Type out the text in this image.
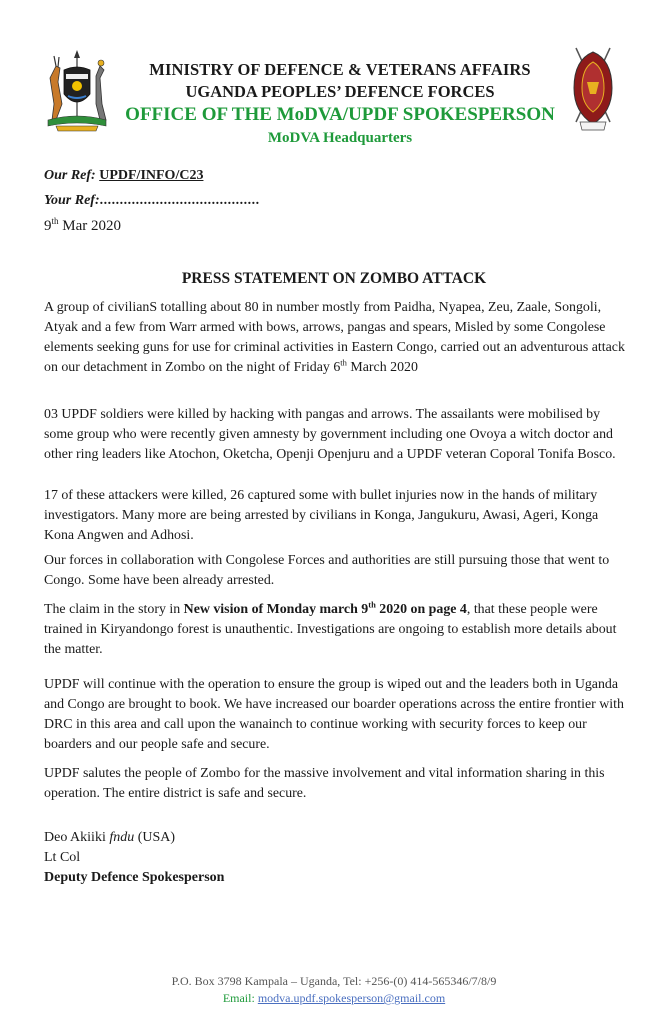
MINISTRY OF DEFENCE & VETERANS AFFAIRS
UGANDA PEOPLES’ DEFENCE FORCES
OFFICE OF THE MoDVA/UPDF SPOKESPERSON
MoDVA Headquarters
Our Ref: UPDF/INFO/C23
Your Ref:........................................
9th Mar 2020
PRESS STATEMENT ON ZOMBO ATTACK

A group of civilianS totalling about 80 in number mostly from Paidha, Nyapea, Zeu, Zaale, Songoli, Atyak and a few from Warr armed with bows, arrows, pangas and spears, Misled by some Congolese elements seeking guns for use for criminal activities in Eastern Congo, carried out an adventurous attack on our detachment in Zombo on the night of Friday 6th March 2020

03 UPDF soldiers were killed by hacking with pangas and arrows. The assailants were mobilised by some group who were recently given amnesty by government including one Ovoya a witch doctor and other ring leaders like Atochon, Oketcha, Openji Openjuru and a UPDF veteran Coporal Tonifa Bosco.

17 of these attackers were killed, 26 captured some with bullet injuries now in the hands of military investigators. Many more are being arrested by civilians in Konga, Jangukuru, Awasi, Ageri, Konga Kona Angwen and Adhosi.

Our forces in collaboration with Congolese Forces and authorities are still pursuing those that went to Congo. Some have been already arrested.

The claim in the story in New vision of Monday march 9th 2020 on page 4, that these people were trained in Kiryandongo forest is unauthentic. Investigations are ongoing to establish more details about the matter.

UPDF will continue with the operation to ensure the group is wiped out and the leaders both in Uganda and Congo are brought to book. We have increased our boarder operations across the entire frontier with DRC in this area and call upon the wanainch to continue working with security forces to keep our boarders and our people safe and secure.

UPDF salutes the people of Zombo for the massive involvement and vital information sharing in this operation. The entire district is safe and secure.

Deo Akiiki fndu (USA)
Lt Col
Deputy Defence Spokesperson
P.O. Box 3798 Kampala – Uganda, Tel: +256-(0) 414-565346/7/8/9
Email: modva.updf.spokesperson@gmail.com
